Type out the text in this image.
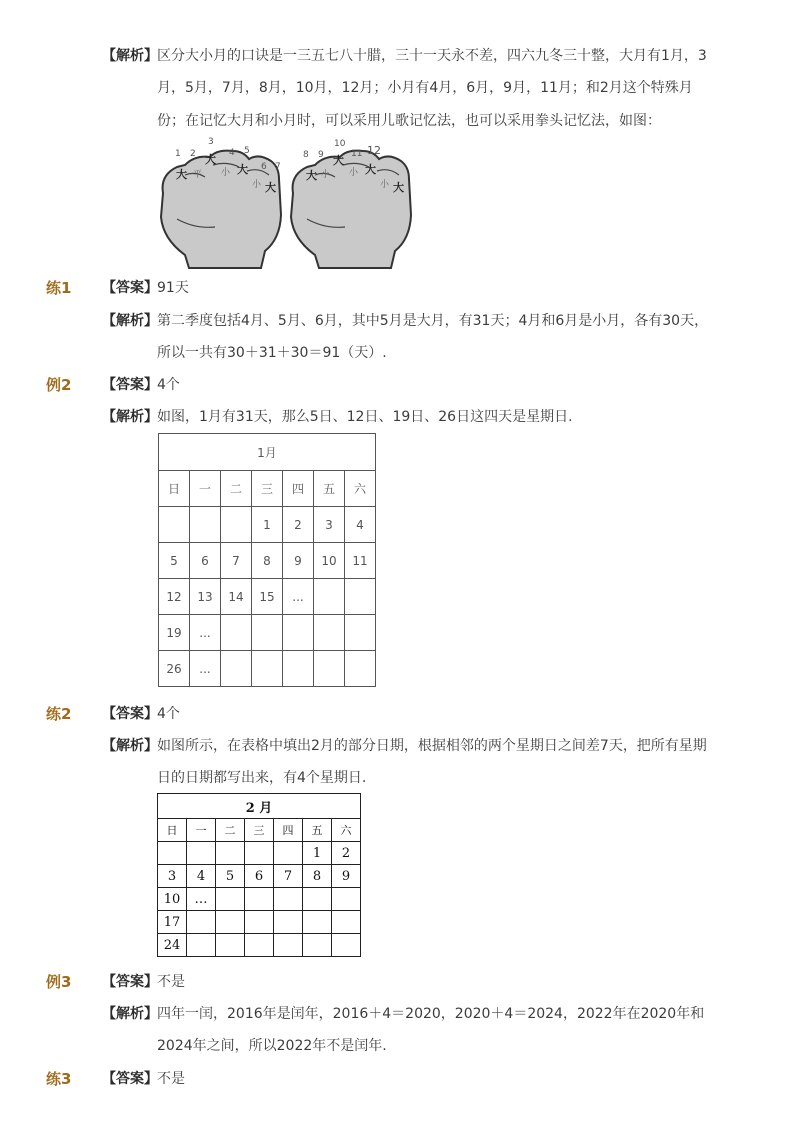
【解析】 区分大小月的口诀是一三五七八十腊，三十一天永不差，四六九冬三十整，大月有1月，3
月，5月，7月，8月，10月，12月；小月有4月，6月，9月，11月；和2月这个特殊月
份；在记忆大月和小月时，可以采用儿歌记忆法，也可以采用拳头记忆法，如图：
1 2
3
4 5
6 7
8 9
10
11 12
大 平
大
小 大
小 大
大 小
大
小 大
小 大
练1 【答案】 91天
【解析】 第二季度包括4月、5月、6月，其中5月是大月，有31天；4月和6月是小月，各有30天，
所以一共有30＋31＋30＝91（天）.
例2 【答案】 4个
【解析】 如图，1月有31天，那么5日、12日、19日、26日这四天是星期日.
1月						
日	一	二	三	四	五	六
			1	2	3	4
5	6	7	8	9	10	11
12	13	14	15	...		
19	...					
26	...					
练2 【答案】 4个
【解析】 如图所示，在表格中填出2月的部分日期，根据相邻的两个星期日之间差7天，把所有星期
日的日期都写出来，有4个星期日.
2 月						
日	一	二	三	四	五	六
					1	2
3	4	5	6	7	8	9
10	…					
17						
24						
例3 【答案】 不是
【解析】 四年一闰，2016年是闰年，2016＋4＝2020，2020＋4＝2024，2022年在2020年和
2024年之间，所以2022年不是闰年.
练3 【答案】 不是
